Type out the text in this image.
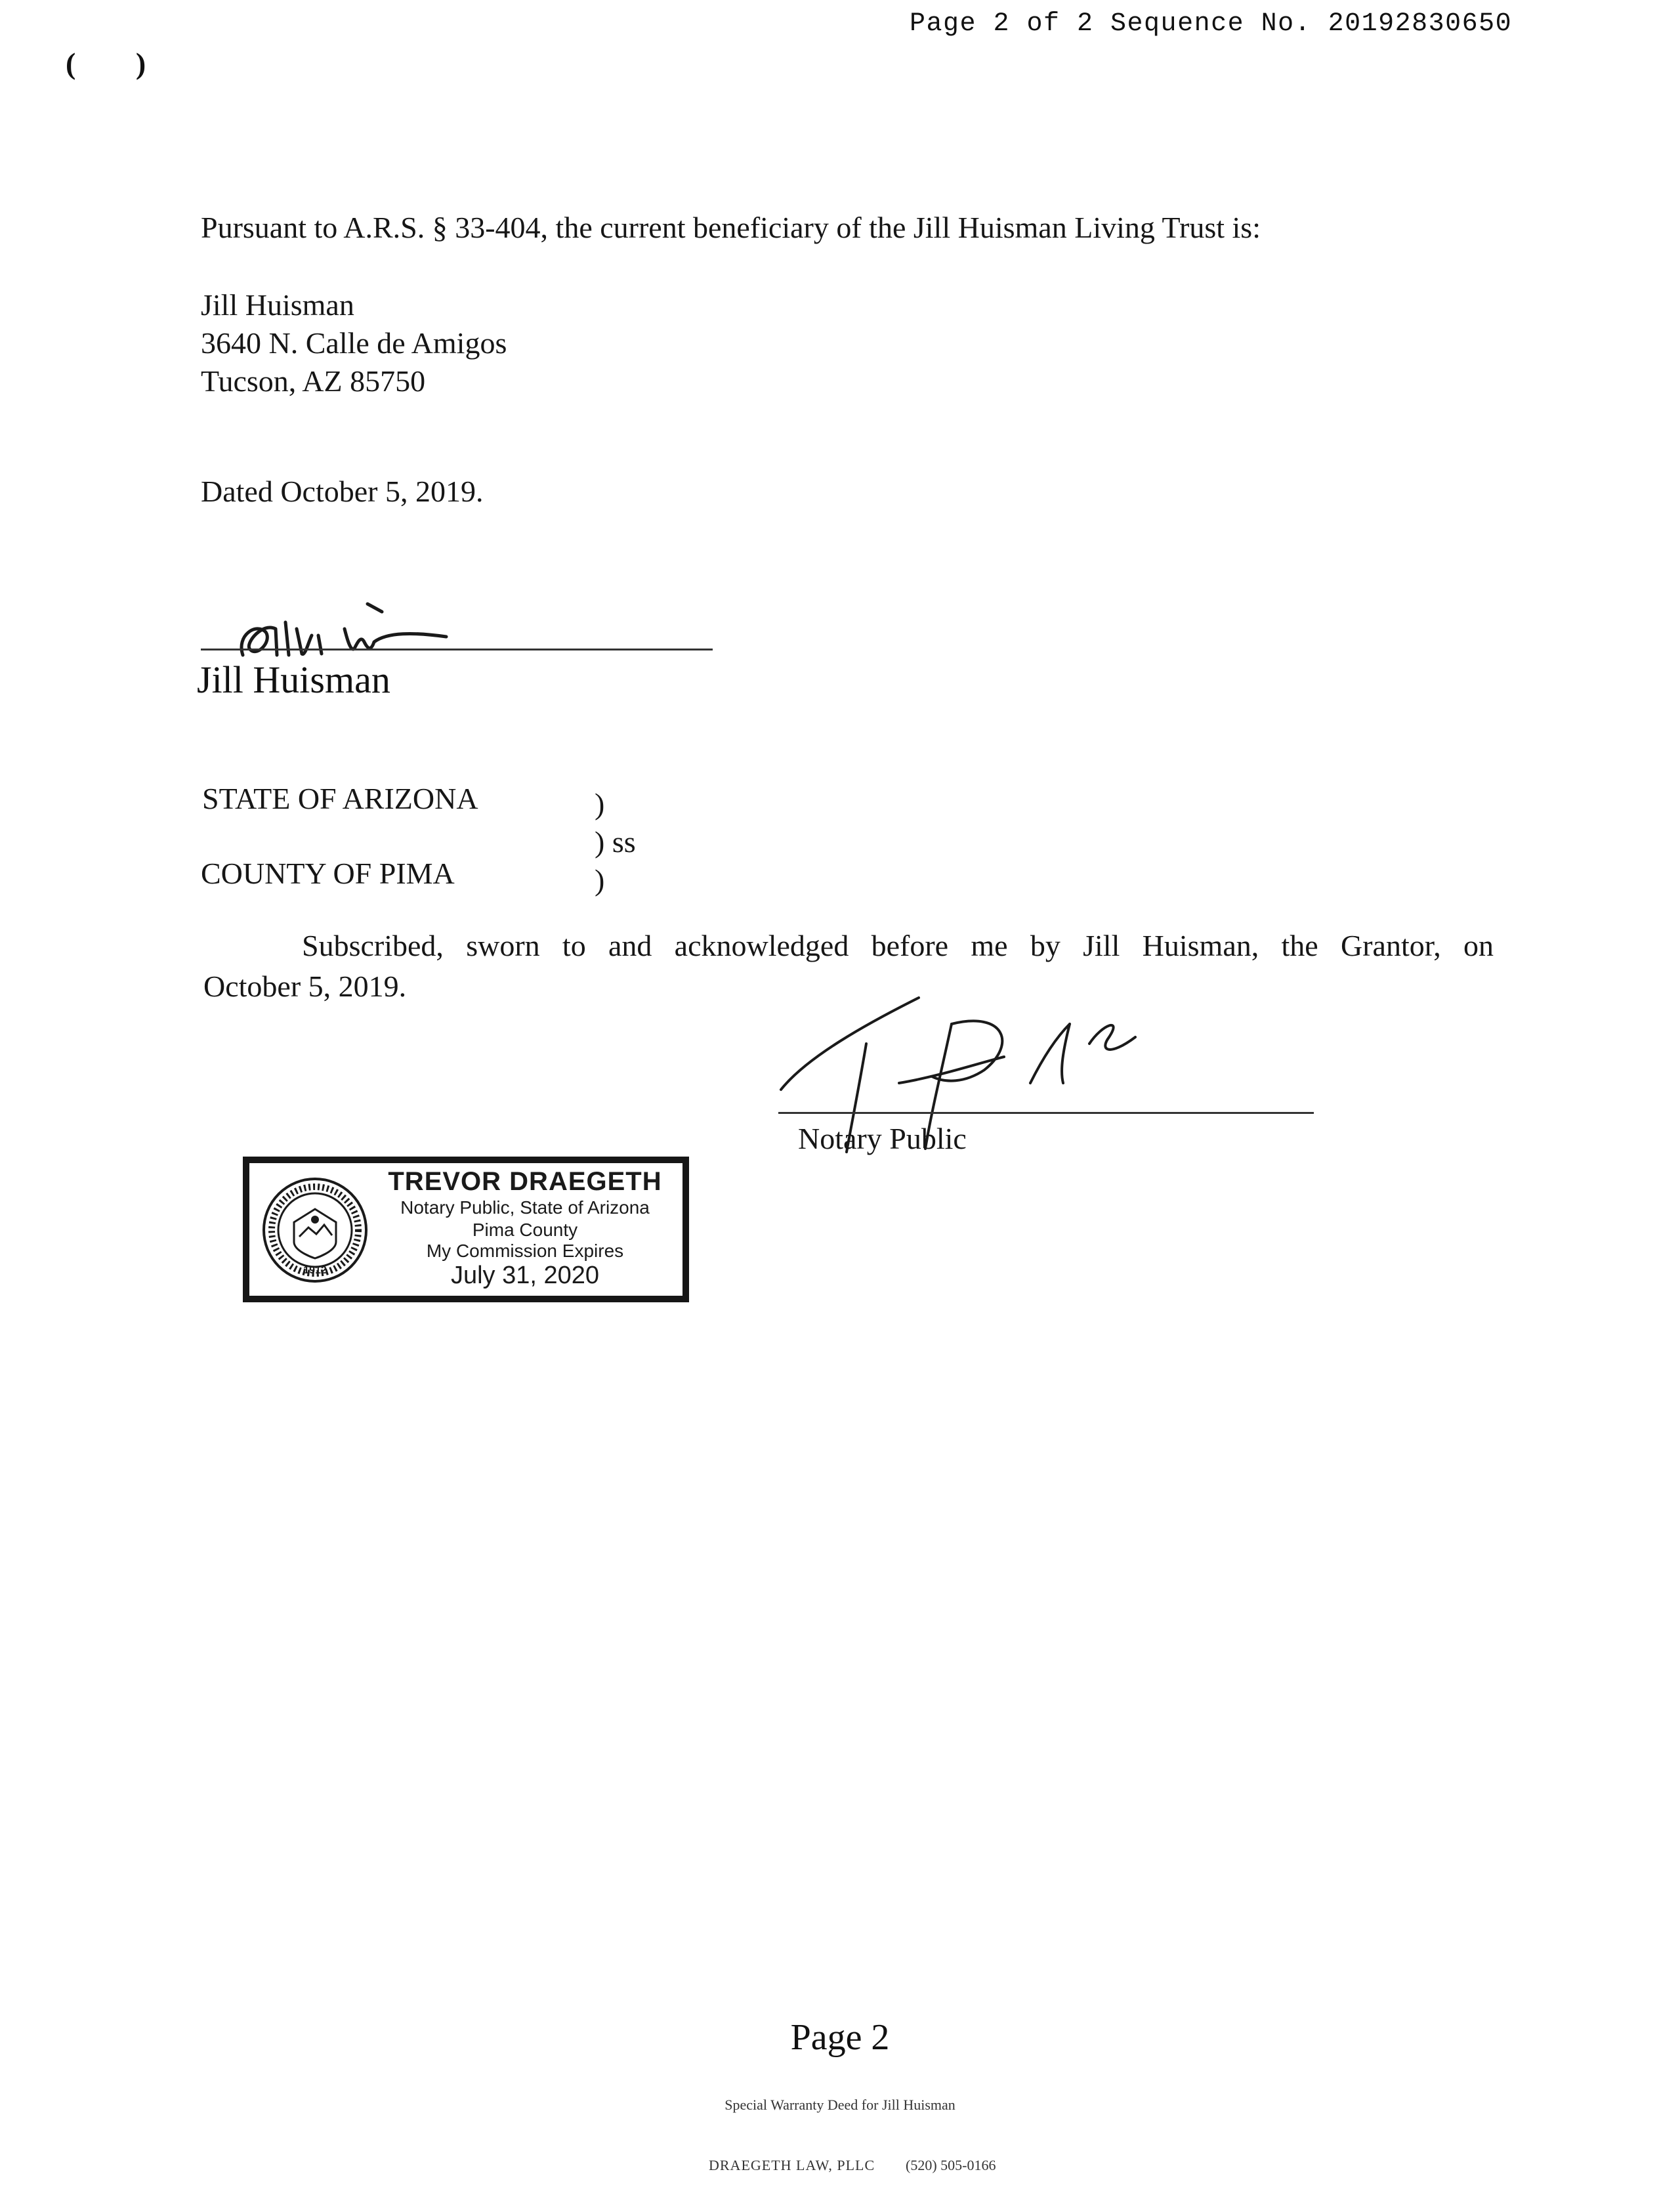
Page 2 of 2 Sequence No. 20192830650
( )
Pursuant to A.R.S. § 33-404, the current beneficiary of the Jill Huisman Living Trust is:
Jill Huisman
3640 N. Calle de Amigos
Tucson, AZ 85750
Dated October 5, 2019.
Jill Huisman
STATE OF ARIZONA
COUNTY OF PIMA
)
) ss
)
Subscribed, sworn to and acknowledged before me by Jill Huisman, the Grantor, on
October 5, 2019.
Notary Public
1912
TREVOR DRAEGETH
Notary Public, State of Arizona
Pima County
My Commission Expires
July 31, 2020
Page 2
Special Warranty Deed for Jill Huisman
DRAEGETH LAW, PLLC (520) 505-0166
